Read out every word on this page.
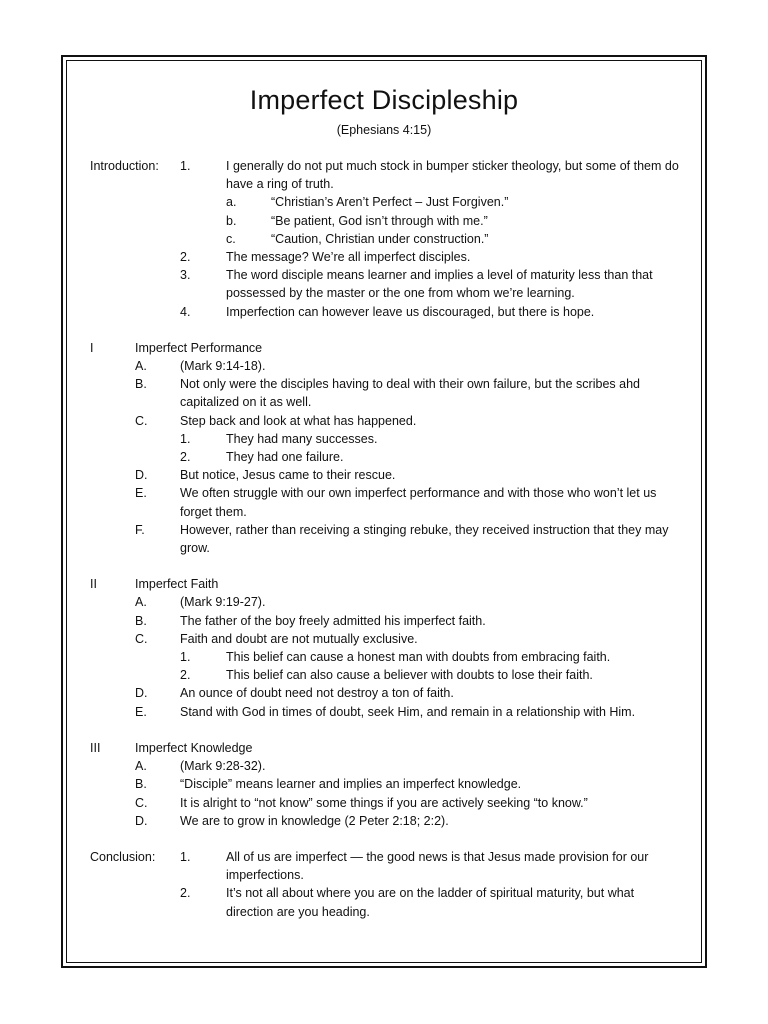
Imperfect Discipleship
(Ephesians 4:15)
Introduction: 1.	I generally do not put much stock in bumper sticker theology, but some of them do
have a ring of truth.
a.	“Christian’s Aren’t Perfect – Just Forgiven.”
b.	“Be patient, God isn’t through with me.”
c.	“Caution, Christian under construction.”
2.	The message? We’re all imperfect disciples.
3.	The word disciple means learner and implies a level of maturity less than that
possessed by the master or the one from whom we’re learning.
4.	Imperfection can however leave us discouraged, but there is hope.
I	Imperfect Performance
A.	(Mark 9:14-18).
B.	Not only were the disciples having to deal with their own failure, but the scribes ahd
capitalized on it as well.
C.	Step back and look at what has happened.
1.	They had many successes.
2.	They had one failure.
D.	But notice, Jesus came to their rescue.
E.	We often struggle with our own imperfect performance and with those who won’t let us
forget them.
F.	However, rather than receiving a stinging rebuke, they received instruction that they may
grow.
II	Imperfect Faith
A.	(Mark 9:19-27).
B.	The father of the boy freely admitted his imperfect faith.
C.	Faith and doubt are not mutually exclusive.
1.	This belief can cause a honest man with doubts from embracing faith.
2.	This belief can also cause a believer with doubts to lose their faith.
D.	An ounce of doubt need not destroy a ton of faith.
E.	Stand with God in times of doubt, seek Him, and remain in a relationship with Him.
III	Imperfect Knowledge
A.	(Mark 9:28-32).
B.	“Disciple” means learner and implies an imperfect knowledge.
C.	It is alright to “not know” some things if you are actively seeking “to know.”
D.	We are to grow in knowledge (2 Peter 2:18; 2:2).
Conclusion: 1.	All of us are imperfect — the good news is that Jesus made provision for our
imperfections.
2.	It’s not all about where you are on the ladder of spiritual maturity, but what
direction are you heading.
